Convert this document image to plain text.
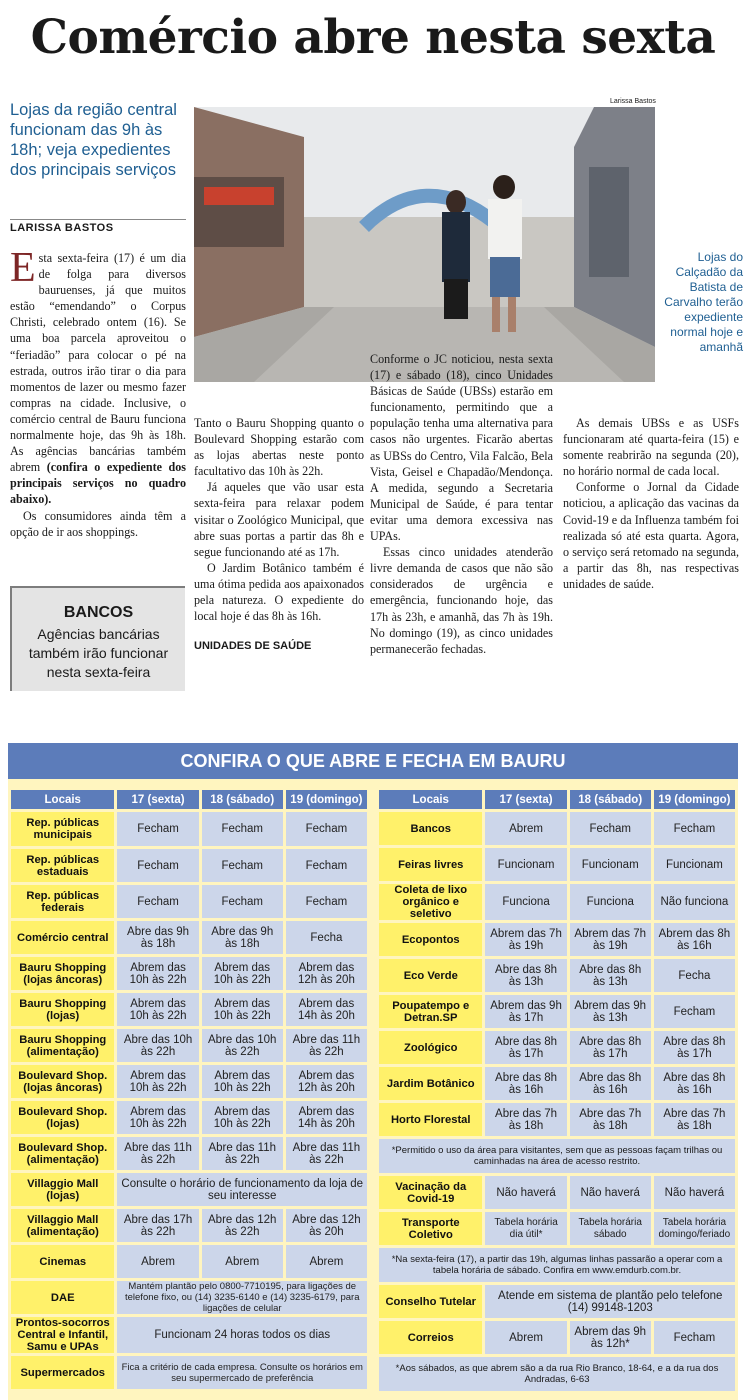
Comércio abre nesta sexta
Lojas da região central funcionam das 9h às 18h; veja expedientes dos principais serviços
LARISSA BASTOS

Esta sexta-feira (17) é um dia de folga para diversos bauruenses, já que muitos estão “emendando” o Corpus Christi, celebrado ontem (16). Se uma boa parcela aproveitou o “feriadão” para colocar o pé na estrada, outros irão tirar o dia para momentos de lazer ou mesmo fazer compras na cidade. Inclusive, o comércio central de Bauru funciona normalmente hoje, das 9h às 18h. As agências bancárias também abrem (confira o expediente dos principais serviços no quadro abaixo).

Os consumidores ainda têm a opção de ir aos shoppings.

BANCOS
Agências bancárias também irão funcionar nesta sexta-feira
Larissa Bastos
Lojas do Calçadão da Batista de Carvalho terão expediente normal hoje e amanhã

Tanto o Bauru Shopping quanto o Boulevard Shopping estarão com as lojas abertas neste ponto facultativo das 10h às 22h.

Já aqueles que vão usar esta sexta-feira para relaxar podem visitar o Zoológico Municipal, que abre suas portas a partir das 8h e segue funcionando até as 17h.

O Jardim Botânico também é uma ótima pedida aos apaixonados pela natureza. O expediente do local hoje é das 8h às 16h.

UNIDADES DE SAÚDE

Conforme o JC noticiou, nesta sexta (17) e sábado (18), cinco Unidades Básicas de Saúde (UBSs) estarão em funcionamento, permitindo que a população tenha uma alternativa para casos não urgentes. Ficarão abertas as UBSs do Centro, Vila Falcão, Bela Vista, Geisel e Chapadão/Mendonça. A medida, segundo a Secretaria Municipal de Saúde, é para tentar evitar uma demora excessiva nas UPAs.

Essas cinco unidades atenderão livre demanda de casos que não são considerados de urgência e emergência, funcionando hoje, das 17h às 23h, e amanhã, das 7h às 19h. No domingo (19), as cinco unidades permanecerão fechadas.

As demais UBSs e as USFs funcionaram até quarta-feira (15) e somente reabrirão na segunda (20), no horário normal de cada local.

Conforme o Jornal da Cidade noticiou, a aplicação das vacinas da Covid-19 e da Influenza também foi realizada só até esta quarta. Agora, o serviço será retomado na segunda, a partir das 8h, nas respectivas unidades de saúde.

CONFIRA O QUE ABRE E FECHA EM BAURU
Locais	17 (sexta)	18 (sábado)	19 (domingo)
Rep. públicas municipais	Fecham	Fecham	Fecham
Rep. públicas estaduais	Fecham	Fecham	Fecham
Rep. públicas federais	Fecham	Fecham	Fecham
Comércio central	Abre das 9h às 18h	Abre das 9h às 18h	Fecha
Bauru Shopping (lojas âncoras)	Abrem das 10h às 22h	Abrem das 10h às 22h	Abrem das 12h às 20h
Bauru Shopping (lojas)	Abrem das 10h às 22h	Abrem das 10h às 22h	Abrem das 14h às 20h
Bauru Shopping (alimentação)	Abre das 10h às 22h	Abre das 10h às 22h	Abre das 11h às 22h
Boulevard Shop. (lojas âncoras)	Abrem das 10h às 22h	Abrem das 10h às 22h	Abrem das 12h às 20h
Boulevard Shop. (lojas)	Abrem das 10h às 22h	Abrem das 10h às 22h	Abrem das 14h às 20h
Boulevard Shop. (alimentação)	Abre das 11h às 22h	Abre das 11h às 22h	Abre das 11h às 22h
Villaggio Mall (lojas)	Consulte o horário de funcionamento da loja de seu interesse		
Villaggio Mall (alimentação)	Abre das 17h às 22h	Abre das 12h às 22h	Abre das 12h às 20h
Cinemas	Abrem	Abrem	Abrem
DAE	Mantém plantão pelo 0800-7710195, para ligações de telefone fixo, ou (14) 3235-6140 e (14) 3235-6179, para ligações de celular		
Prontos-socorros Central e Infantil, Samu e UPAs	Funcionam 24 horas todos os dias		
Supermercados	Fica a critério de cada empresa. Consulte os horários em seu supermercado de preferência		
Locais	17 (sexta)	18 (sábado)	19 (domingo)
Bancos	Abrem	Fecham	Fecham
Feiras livres	Funcionam	Funcionam	Funcionam
Coleta de lixo orgânico e seletivo	Funciona	Funciona	Não funciona
Ecopontos	Abrem das 7h às 19h	Abrem das 7h às 19h	Abrem das 8h às 16h
Eco Verde	Abre das 8h às 13h	Abre das 8h às 13h	Fecha
Poupatempo e Detran.SP	Abrem das 9h às 17h	Abrem das 9h às 13h	Fecham
Zoológico	Abre das 8h às 17h	Abre das 8h às 17h	Abre das 8h às 17h
Jardim Botânico	Abre das 8h às 16h	Abre das 8h às 16h	Abre das 8h às 16h
Horto Florestal	Abre das 7h às 18h	Abre das 7h às 18h	Abre das 7h às 18h
*Permitido o uso da área para visitantes, sem que as pessoas façam trilhas ou caminhadas na área de acesso restrito.			
Vacinação da Covid-19	Não haverá	Não haverá	Não haverá
Transporte Coletivo	Tabela horária dia útil*	Tabela horária sábado	Tabela horária domingo/feriado
*Na sexta-feira (17), a partir das 19h, algumas linhas passarão a operar com a tabela horária de sábado. Confira em www.emdurb.com.br.			
Conselho Tutelar	Atende em sistema de plantão pelo telefone (14) 99148-1203		
Correios	Abrem	Abrem das 9h às 12h*	Fecham
*Aos sábados, as que abrem são a da rua Rio Branco, 18-64, e a da rua dos Andradas, 6-63			
